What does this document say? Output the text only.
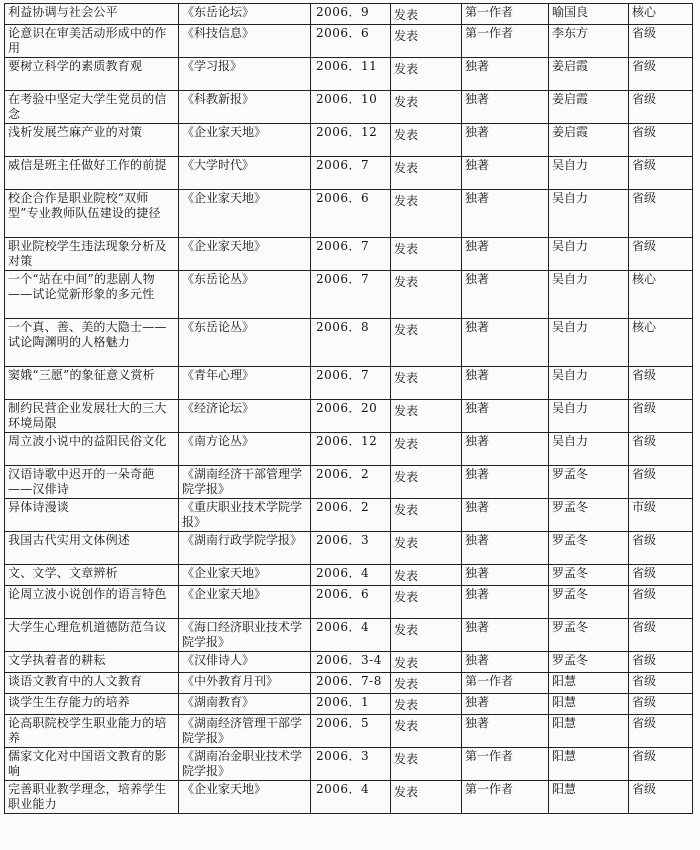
利益协调与社会公平	《东岳论坛》	2006．9	发表	第一作者	喻国良	核心
论意识在审美活动形成中的作用	《科技信息》	2006．6	发表	第一作者	李东方	省级
要树立科学的素质教育观	《学习报》	2006．11	发表	独著	姜启霞	省级
在考验中坚定大学生党员的信念	《科教新报》	2006．10	发表	独著	姜启霞	省级
浅析发展苎麻产业的对策	《企业家天地》	2006．12	发表	独著	姜启霞	省级
威信是班主任做好工作的前提	《大学时代》	2006．7	发表	独著	吴自力	省级
校企合作是职业院校“双师型”专业教师队伍建设的捷径	《企业家天地》	2006．6	发表	独著	吴自力	省级
职业院校学生违法现象分析及对策	《企业家天地》	2006．7	发表	独著	吴自力	省级
一个“站在中间”的悲剧人物——试论觉新形象的多元性	《东岳论丛》	2006．7	发表	独著	吴自力	核心
一个真、善、美的大隐士——试论陶渊明的人格魅力	《东岳论丛》	2006．8	发表	独著	吴自力	核心
窦娥“三愿”的象征意义赏析	《青年心理》	2006．7	发表	独著	吴自力	省级
制约民营企业发展壮大的三大环境局限	《经济论坛》	2006．20	发表	独著	吴自力	省级
周立波小说中的益阳民俗文化	《南方论丛》	2006．12	发表	独著	吴自力	省级
汉语诗歌中迟开的一朵奇葩——汉俳诗	《湖南经济干部管理学院学报》	2006．2	发表	独著	罗孟冬	省级
异体诗漫谈	《重庆职业技术学院学报》	2006．2	发表	独著	罗孟冬	市级
我国古代实用文体例述	《湖南行政学院学报》	2006．3	发表	独著	罗孟冬	省级
文、文学、文章辨析	《企业家天地》	2006．4	发表	独著	罗孟冬	省级
论周立波小说创作的语言特色	《企业家天地》	2006．6	发表	独著	罗孟冬	省级
大学生心理危机道德防范刍议	《海口经济职业技术学院学报》	2006．4	发表	独著	罗孟冬	省级
文学执着者的耕耘	《汉俳诗人》	2006．3-4	发表	独著	罗孟冬	省级
谈语文教育中的人文教育	《中外教育月刊》	2006．7-8	发表	第一作者	阳慧	省级
谈学生生存能力的培养	《湖南教育》	2006．1	发表	独著	阳慧	省级
论高职院校学生职业能力的培养	《湖南经济管理干部学院学报》	2006．5	发表	独著	阳慧	省级
儒家文化对中国语文教育的影响	《湖南冶金职业技术学院学报》	2006．3	发表	第一作者	阳慧	省级
完善职业教学理念，培养学生职业能力	《企业家天地》	2006．4	发表	第一作者	阳慧	省级
